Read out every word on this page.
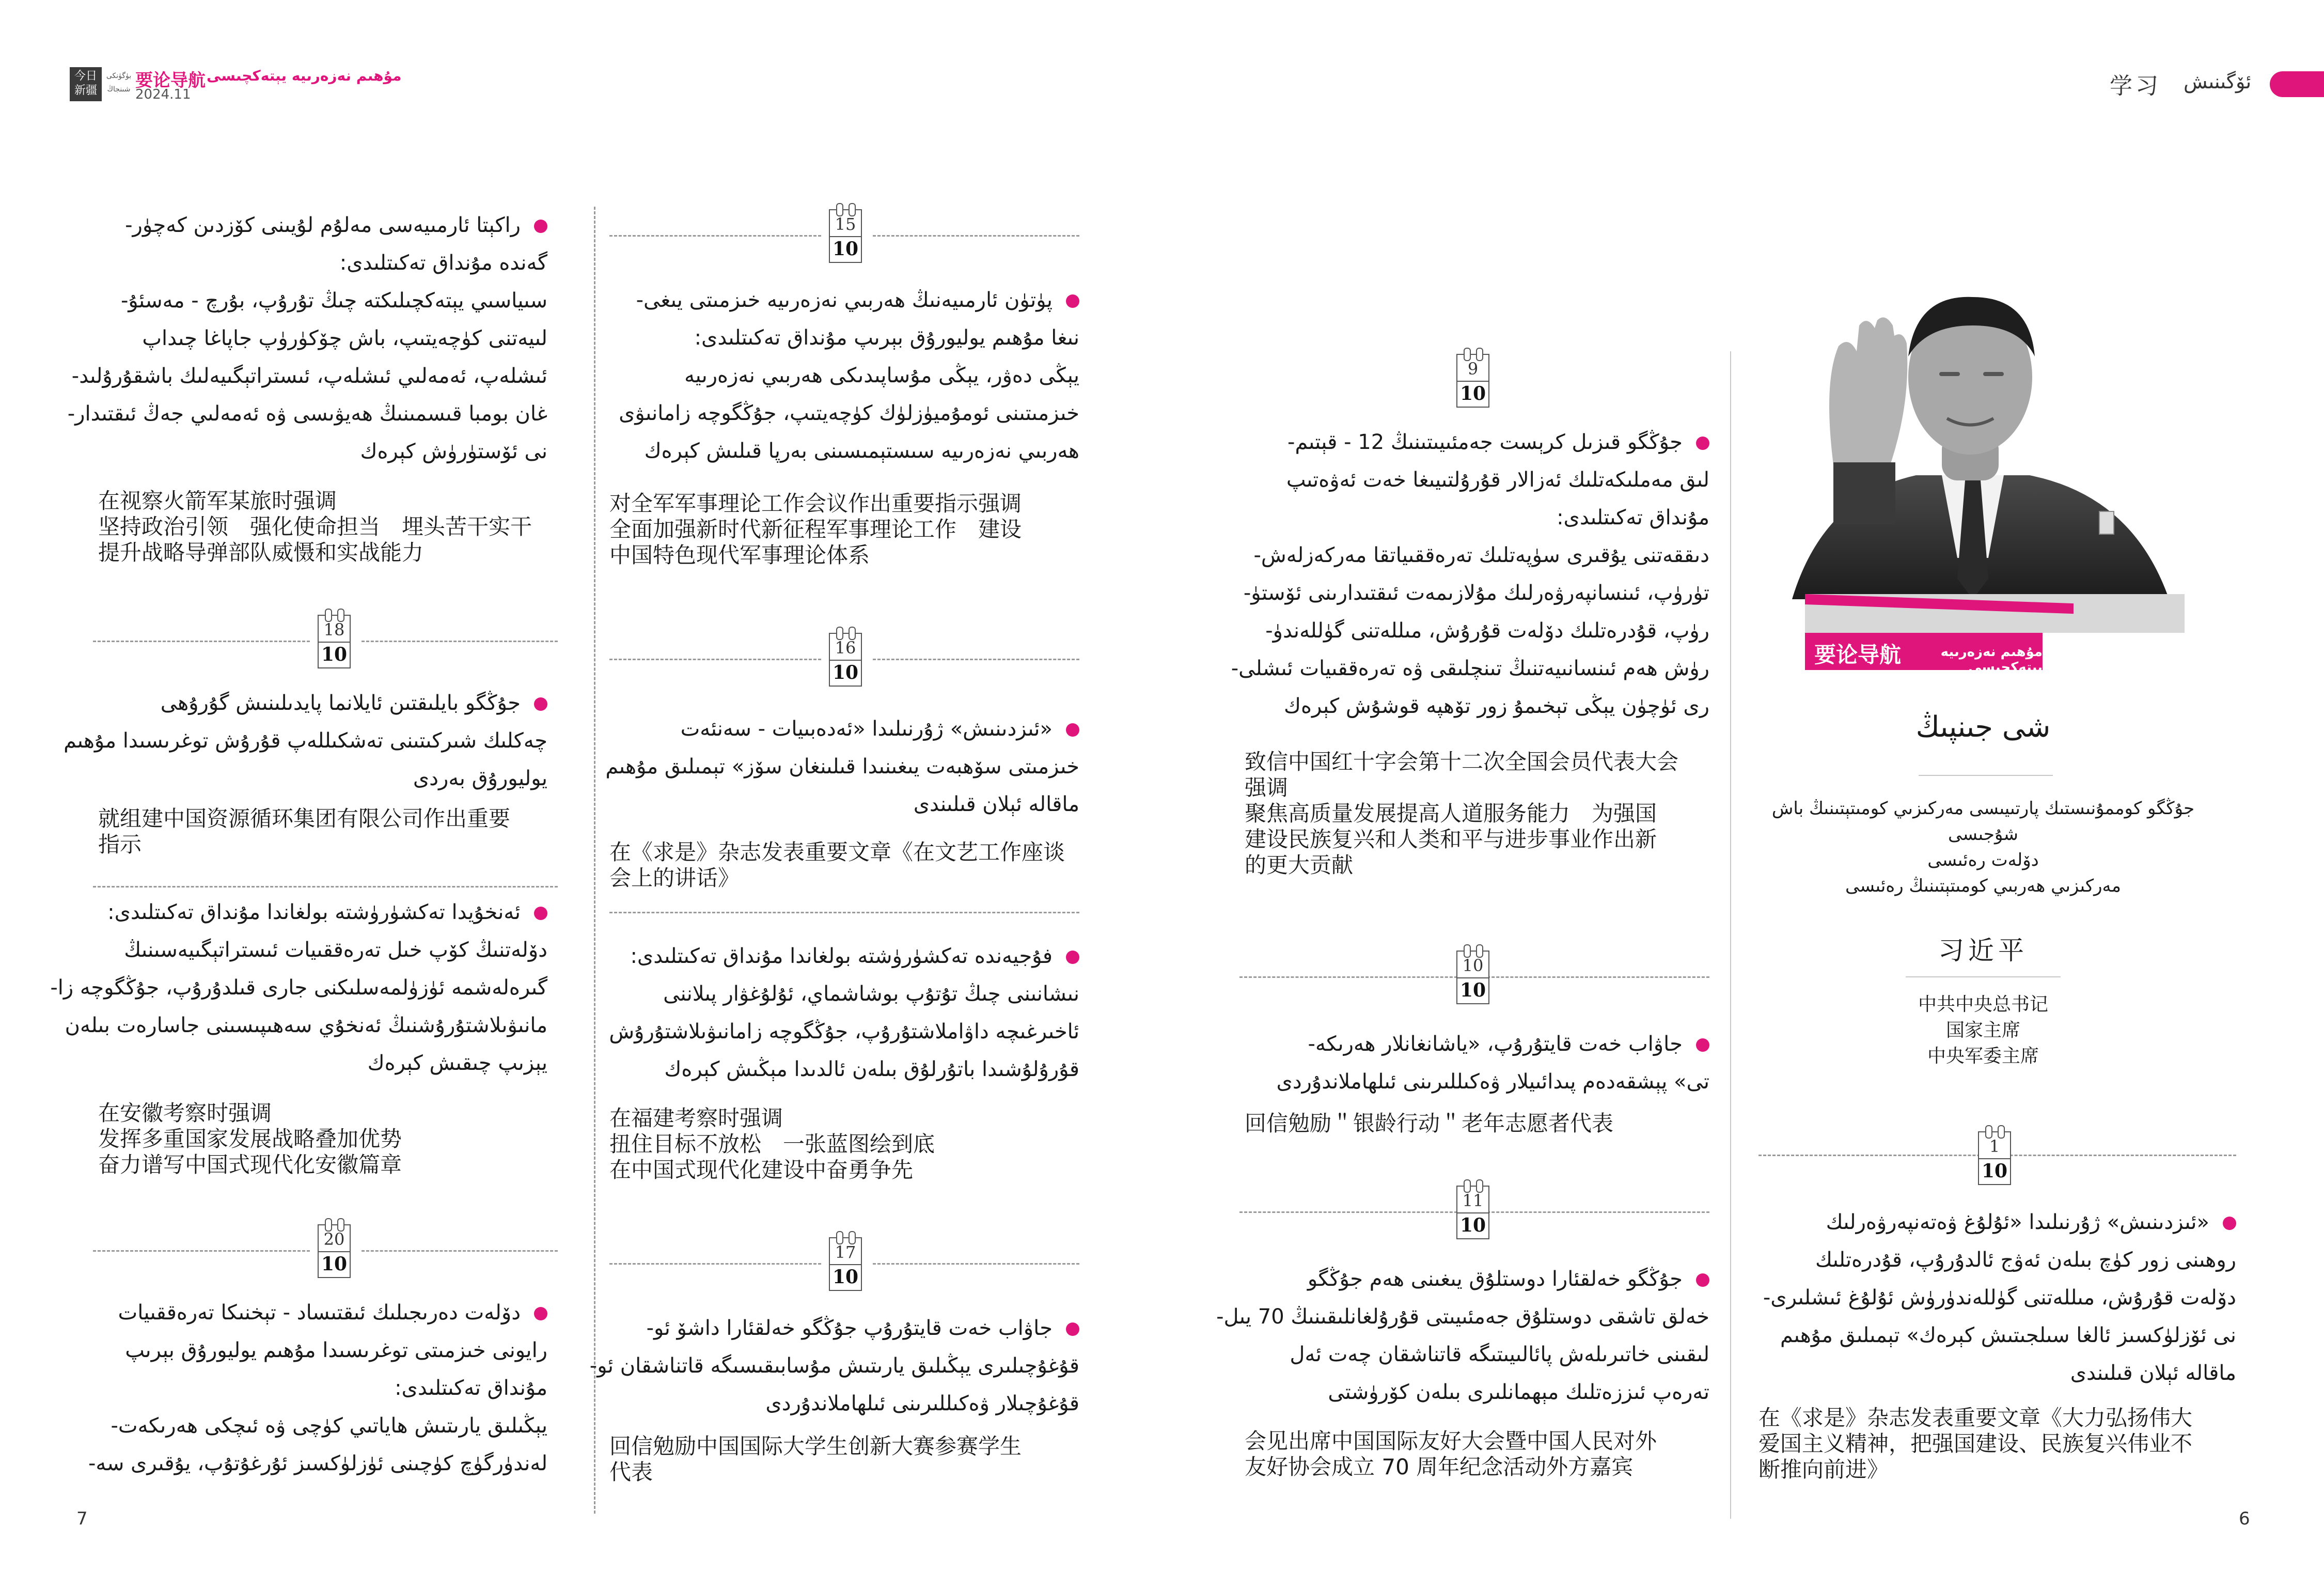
今日
新疆
بۈگۈنكى
شىنجاڭ 要论导航 مۇھىم نەزەرىيە يېتەكچىسى
2024.11	学习 ئۆگىنىش
要论导航	مۇھىم نەزەرىيە يېتەكچىسى
شى جىنپىڭ
جۇڭگو كوممۇنىستىك پارتىيىسى مەركىزىي كومىتېتىنىڭ باش شۇجىسى
دۆلەت رەئىسى
مەركىزىي ھەربىي كومىتېتىنىڭ رەئىسى
习近平
中共中央总书记
国家主席
中央军委主席
1
10
«ئىزدىنىش» ژۇرنىلىدا «ئۇلۇغ ۋەتەنپەرۋەرلىك
روھىنى زور كۈچ بىلەن ئەۋج ئالدۇرۇپ، قۇدرەتلىك
دۆلەت قۇرۇش، مىللەتنى گۈللەندۈرۈش ئۇلۇغ ئىشلىرى-
نى ئۆزلۈكسىز ئالغا سىلجىتىش كېرەك» تېمىلىق مۇھىم
ماقالە ئېلان قىلىندى
在《求是》杂志发表重要文章《大力弘扬伟大
爱国主义精神，把强国建设、民族复兴伟业不
断推向前进》
9
10
جۇڭگو قىزىل كرېست جەمئىيىتىنىڭ 12 - قېتىم-
لىق مەملىكەتلىك ئەزالار قۇرۇلتىيىغا خەت ئەۋەتىپ
مۇنداق تەكىتلىدى:
دىققەتنى يۇقىرى سۈپەتلىك تەرەققىياتقا مەركەزلەش-
تۈرۈپ، ئىنسانپەرۋەرلىك مۇلازىمەت ئىقتىدارىنى ئۆستۈ-
رۈپ، قۇدرەتلىك دۆلەت قۇرۇش، مىللەتنى گۈللەندۈ-
رۈش ھەم ئىنسانىيەتنىڭ تىنچلىقى ۋە تەرەققىيات ئىشلى-
رى ئۈچۈن يېڭى تېخىمۇ زور تۆھپە قوشۇش كېرەك
致信中国红十字会第十二次全国会员代表大会
强调
聚焦高质量发展提高人道服务能力　为强国
建设民族复兴和人类和平与进步事业作出新
的更大贡献
10
10
جاۋاب خەت قايتۇرۇپ، «ياشانغانلار ھەرىكە-
تى» پېشقەدەم پىدائىيلار ۋەكىللىرىنى ئىلھاملاندۇردى
回信勉励＂银龄行动＂老年志愿者代表
11
10
جۇڭگو خەلقئارا دوستلۇق يىغىنى ھەم جۇڭگو
خەلق تاشقى دوستلۇق جەمئىيىتى قۇرۇلغانلىقىنىڭ 70 يىل-
لىقىنى خاتىرىلەش پائالىيىتىگە قاتناشقان چەت ئەل
تەرەپ ئىززەتلىك مېھمانلىرى بىلەن كۆرۈشتى
会见出席中国国际友好大会暨中国人民对外
友好协会成立 70 周年纪念活动外方嘉宾
15
10
پۈتۈن ئارمىيەنىڭ ھەربىي نەزەرىيە خىزمىتى يىغى-
نىغا مۇھىم يوليورۇق بېرىپ مۇنداق تەكىتلىدى:
يېڭى دەۋر، يېڭى مۇساپىدىكى ھەربىي نەزەرىيە
خىزمىتىنى ئومۇميۈزلۈك كۈچەيتىپ، جۇڭگوچە زامانىۋى
ھەربىي نەزەرىيە سىستېمىسىنى بەرپا قىلىش كېرەك
对全军军事理论工作会议作出重要指示强调
全面加强新时代新征程军事理论工作　建设
中国特色现代军事理论体系
16
10
«ئىزدىنىش» ژۇرنىلىدا «ئەدەبىيات - سەنئەت
خىزمىتى سۆھبەت يىغىنىدا قىلىنغان سۆز» تېمىلىق مۇھىم
ماقالە ئېلان قىلىندى
在《求是》杂志发表重要文章《在文艺工作座谈
会上的讲话》
فۇجيەندە تەكشۈرۈشتە بولغاندا مۇنداق تەكىتلىدى:
نىشانىنى چىڭ تۇتۇپ بوشاشماي، ئۇلۇغۋار پىلاننى
ئاخىرغىچە داۋاملاشتۇرۇپ، جۇڭگوچە زامانىۋىلاشتۇرۇش
قۇرۇلۇشىدا باتۇرلۇق بىلەن ئالدىدا مېڭىش كېرەك
在福建考察时强调
扭住目标不放松　一张蓝图绘到底
在中国式现代化建设中奋勇争先
17
10
جاۋاب خەت قايتۇرۇپ جۇڭگو خەلقئارا داشۆ ئو-
قۇغۇچىلىرى يېڭىلىق يارىتىش مۇسابىقىسىگە قاتناشقان ئو-
قۇغۇچىلار ۋەكىللىرىنى ئىلھاملاندۇردى
回信勉励中国国际大学生创新大赛参赛学生
代表
راكېتا ئارمىيەسى مەلۇم لۇيىنى كۆزدىن كەچۈر-
گەندە مۇنداق تەكىتلىدى:
سىياسىي يېتەكچىلىكتە چىڭ تۇرۇپ، بۇرچ - مەسئۇ-
لىيەتنى كۈچەيتىپ، باش چۆكۈرۈپ جاپاغا چىداپ
ئىشلەپ، ئەمەلىي ئىشلەپ، ئىستراتېگىيەلىك باشقۇرۇلىد-
غان بومبا قىسمىنىڭ ھەيۋىسى ۋە ئەمەلىي جەڭ ئىقتىدار-
نى ئۆستۈرۈش كېرەك
在视察火箭军某旅时强调
坚持政治引领　强化使命担当　埋头苦干实干
提升战略导弹部队威慑和实战能力
18
10
جۇڭگو بايلىقتىن ئايلانما پايدىلىنىش گۇرۇھى
چەكلىك شىركىتىنى تەشكىللەپ قۇرۇش توغرىسىدا مۇھىم
يوليورۇق بەردى
就组建中国资源循环集团有限公司作出重要
指示
ئەنخۇيدا تەكشۈرۈشتە بولغاندا مۇنداق تەكىتلىدى:
دۆلەتنىڭ كۆپ خىل تەرەققىيات ئىستراتېگىيەسىنىڭ
گىرەلەشمە ئۈزۈلمەسلىكنى جارى قىلدۇرۇپ، جۇڭگوچە زا-
مانىۋىلاشتۇرۇشنىڭ ئەنخۇي سەھىپىسىنى جاسارەت بىلەن
يېزىپ چىقىش كېرەك
在安徽考察时强调
发挥多重国家发展战略叠加优势
奋力谱写中国式现代化安徽篇章
20
10
دۆلەت دەرىجىلىك ئىقتىساد - تېخنىكا تەرەققىيات
رايونى خىزمىتى توغرىسىدا مۇھىم يوليورۇق بېرىپ
مۇنداق تەكىتلىدى:
يېڭىلىق يارىتىش ھاياتىي كۈچى ۋە ئىچكى ھەرىكەت-
لەندۈرگۈچ كۈچىنى ئۈزلۈكسىز ئۇرغۇتۇپ، يۇقىرى سە-
7	6
